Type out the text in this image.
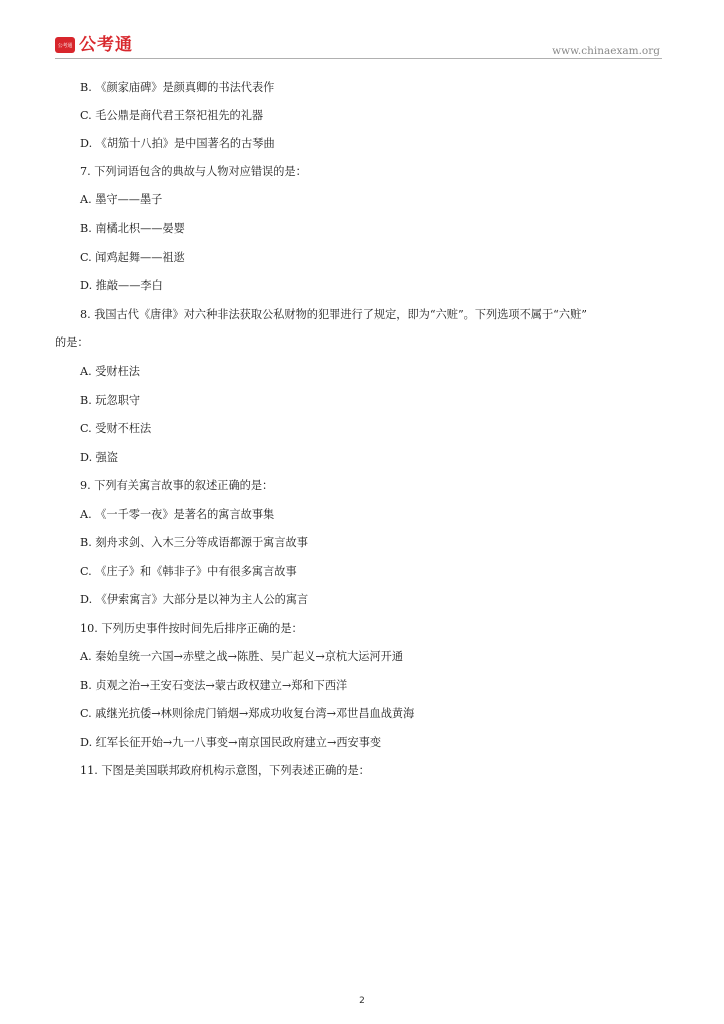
公考通 公考通	www.chinaexam.org
B. 《颜家庙碑》是颜真卿的书法代表作
C. 毛公鼎是商代君王祭祀祖先的礼器
D. 《胡笳十八拍》是中国著名的古琴曲
7. 下列词语包含的典故与人物对应错误的是：
A. 墨守——墨子
B. 南橘北枳——晏婴
C. 闻鸡起舞——祖逖
D. 推敲——李白
8. 我国古代《唐律》对六种非法获取公私财物的犯罪进行了规定，即为“六赃”。下列选项不属于“六赃”
的是：
A. 受财枉法
B. 玩忽职守
C. 受财不枉法
D. 强盗
9. 下列有关寓言故事的叙述正确的是：
A. 《一千零一夜》是著名的寓言故事集
B. 刻舟求剑、入木三分等成语都源于寓言故事
C. 《庄子》和《韩非子》中有很多寓言故事
D. 《伊索寓言》大部分是以神为主人公的寓言
10. 下列历史事件按时间先后排序正确的是：
A. 秦始皇统一六国→赤壁之战→陈胜、吴广起义→京杭大运河开通
B. 贞观之治→王安石变法→蒙古政权建立→郑和下西洋
C. 戚继光抗倭→林则徐虎门销烟→郑成功收复台湾→邓世昌血战黄海
D. 红军长征开始→九一八事变→南京国民政府建立→西安事变
11. 下图是美国联邦政府机构示意图，下列表述正确的是：
2
